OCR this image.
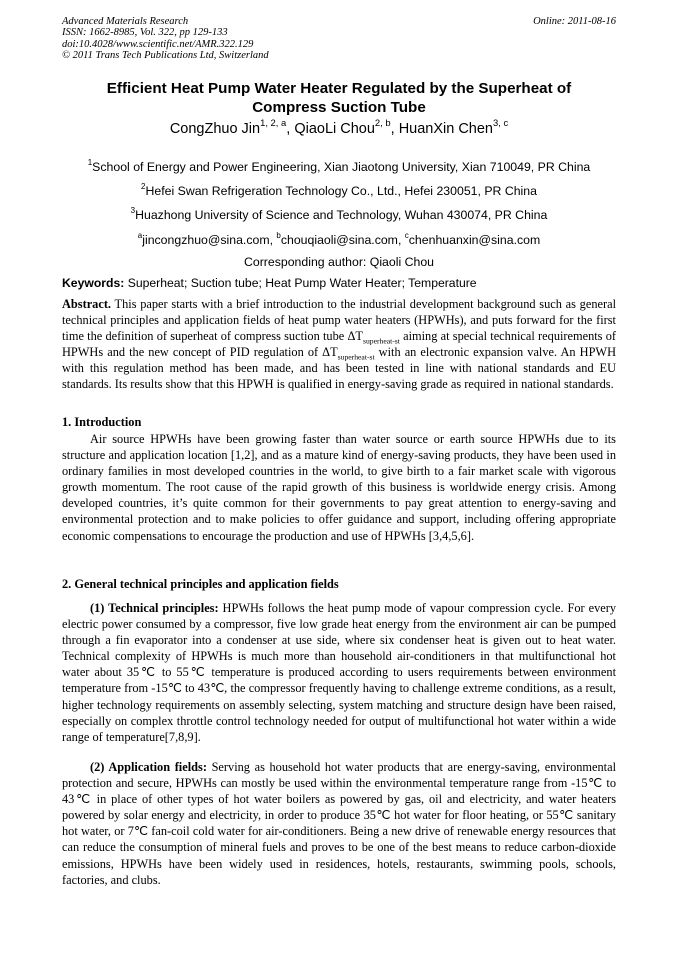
Advanced Materials Research
ISSN: 1662-8985, Vol. 322, pp 129-133
doi:10.4028/www.scientific.net/AMR.322.129
© 2011 Trans Tech Publications Ltd, Switzerland
Online: 2011-08-16
Efficient Heat Pump Water Heater Regulated by the Superheat of
Compress Suction Tube
CongZhuo Jin$^{1, 2, a}$, QiaoLi Chou$^{2, b}$, HuanXin Chen$^{3, c}$
$^1$School of Energy and Power Engineering, Xian Jiaotong University, Xian 710049, PR China
$^2$Hefei Swan Refrigeration Technology Co., Ltd., Hefei 230051, PR China
$^3$Huazhong University of Science and Technology, Wuhan 430074, PR China
$^a$jincongzhuo@sina.com, $^b$chouqiaoli@sina.com, $^c$chenhuanxin@sina.com
Corresponding author: Qiaoli Chou
Keywords: Superheat; Suction tube; Heat Pump Water Heater; Temperature
Abstract. This paper starts with a brief introduction to the industrial development background such as general technical principles and application fields of heat pump water heaters (HPWHs), and puts forward for the first time the definition of superheat of compress suction tube $\Delta T_{superheat-st}$ aiming at special technical requirements of HPWHs and the new concept of PID regulation of $\Delta T_{superheat-st}$ with an electronic expansion valve. An HPWH with this regulation method has been made, and has been tested in line with national standards and EU standards. Its results show that this HPWH is qualified in energy-saving grade as required in national standards.
1. Introduction
Air source HPWHs have been growing faster than water source or earth source HPWHs due to its structure and application location [1,2], and as a mature kind of energy-saving products, they have been used in ordinary families in most developed countries in the world, to give birth to a fair market scale with vigorous growth momentum. The root cause of the rapid growth of this business is worldwide energy crisis. Among developed countries, it’s quite common for their governments to pay great attention to energy-saving and environmental protection and to make policies to offer guidance and support, including offering appropriate economic compensations to encourage the production and use of HPWHs [3,4,5,6].
2. General technical principles and application fields
(1) Technical principles: HPWHs follows the heat pump mode of vapour compression cycle. For every electric power consumed by a compressor, five low grade heat energy from the environment air can be pumped through a fin evaporator into a condenser at use side, where six condenser heat is given out to heat water. Technical complexity of HPWHs is much more than household air-conditioners in that multifunctional hot water about 35℃ to 55℃ temperature is produced according to users requirements between environment temperature from -15℃ to 43℃, the compressor frequently having to challenge extreme conditions, as a result, higher technology requirements on assembly selecting, system matching and structure design have been raised, especially on complex throttle control technology needed for output of multifunctional hot water within a wide range of temperature[7,8,9].
(2) Application fields: Serving as household hot water products that are energy-saving, environmental protection and secure, HPWHs can mostly be used within the environmental temperature range from -15℃ to 43℃ in place of other types of hot water boilers as powered by gas, oil and electricity, and water heaters powered by solar energy and electricity, in order to produce 35℃ hot water for floor heating, or 55℃ sanitary hot water, or 7℃ fan-coil cold water for air-conditioners. Being a new drive of renewable energy resources that can reduce the consumption of mineral fuels and proves to be one of the best means to reduce carbon-dioxide emissions, HPWHs have been widely used in residences, hotels, restaurants, swimming pools, schools, factories, and clubs.
